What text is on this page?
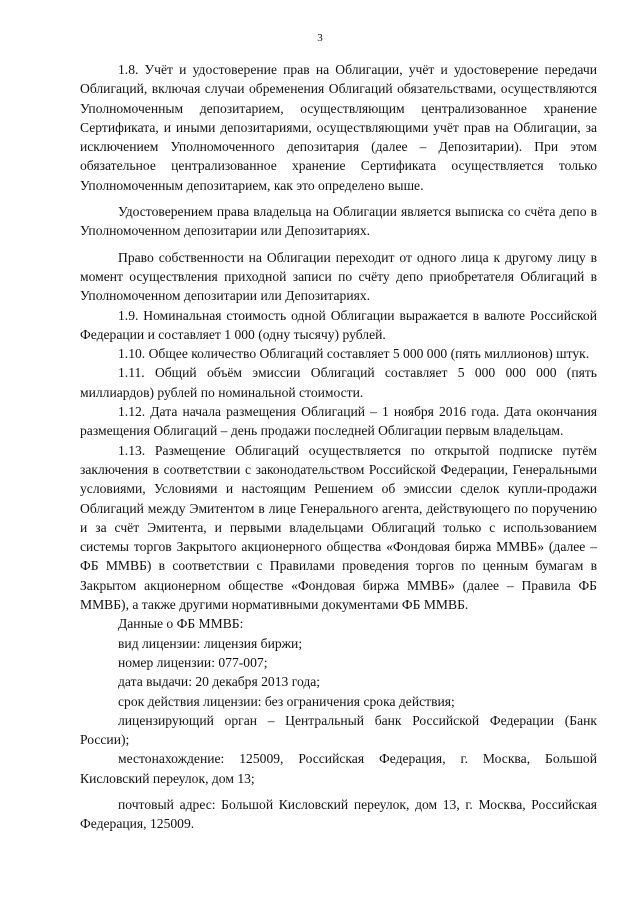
3

1.8. Учёт и удостоверение прав на Облигации, учёт и удостоверение передачи Облигаций, включая случаи обременения Облигаций обязательствами, осуществляются Уполномоченным депозитарием, осуществляющим централизованное хранение Сертификата, и иными депозитариями, осуществляющими учёт прав на Облигации, за исключением Уполномоченного депозитария (далее – Депозитарии). При этом обязательное централизованное хранение Сертификата осуществляется только Уполномоченным депозитарием, как это определено выше.

Удостоверением права владельца на Облигации является выписка со счёта депо в Уполномоченном депозитарии или Депозитариях.

Право собственности на Облигации переходит от одного лица к другому лицу в момент осуществления приходной записи по счёту депо приобретателя Облигаций в Уполномоченном депозитарии или Депозитариях.

1.9. Номинальная стоимость одной Облигации выражается в валюте Российской Федерации и составляет 1 000 (одну тысячу) рублей.

1.10. Общее количество Облигаций составляет 5 000 000 (пять миллионов) штук.

1.11. Общий объём эмиссии Облигаций составляет 5 000 000 000 (пять миллиардов) рублей по номинальной стоимости.

1.12. Дата начала размещения Облигаций – 1 ноября 2016 года. Дата окончания размещения Облигаций – день продажи последней Облигации первым владельцам.

1.13. Размещение Облигаций осуществляется по открытой подписке путём заключения в соответствии с законодательством Российской Федерации, Генеральными условиями, Условиями и настоящим Решением об эмиссии сделок купли-продажи Облигаций между Эмитентом в лице Генерального агента, действующего по поручению и за счёт Эмитента, и первыми владельцами Облигаций только с использованием системы торгов Закрытого акционерного общества «Фондовая биржа ММВБ» (далее – ФБ ММВБ) в соответствии с Правилами проведения торгов по ценным бумагам в Закрытом акционерном обществе «Фондовая биржа ММВБ» (далее – Правила ФБ ММВБ), а также другими нормативными документами ФБ ММВБ.

Данные о ФБ ММВБ:

вид лицензии: лицензия биржи;

номер лицензии: 077-007;

дата выдачи: 20 декабря 2013 года;

срок действия лицензии: без ограничения срока действия;

лицензирующий орган – Центральный банк Российской Федерации (Банк России);

местонахождение: 125009, Российская Федерация, г. Москва, Большой Кисловский переулок, дом 13;

почтовый адрес: Большой Кисловский переулок, дом 13, г. Москва, Российская Федерация, 125009.
